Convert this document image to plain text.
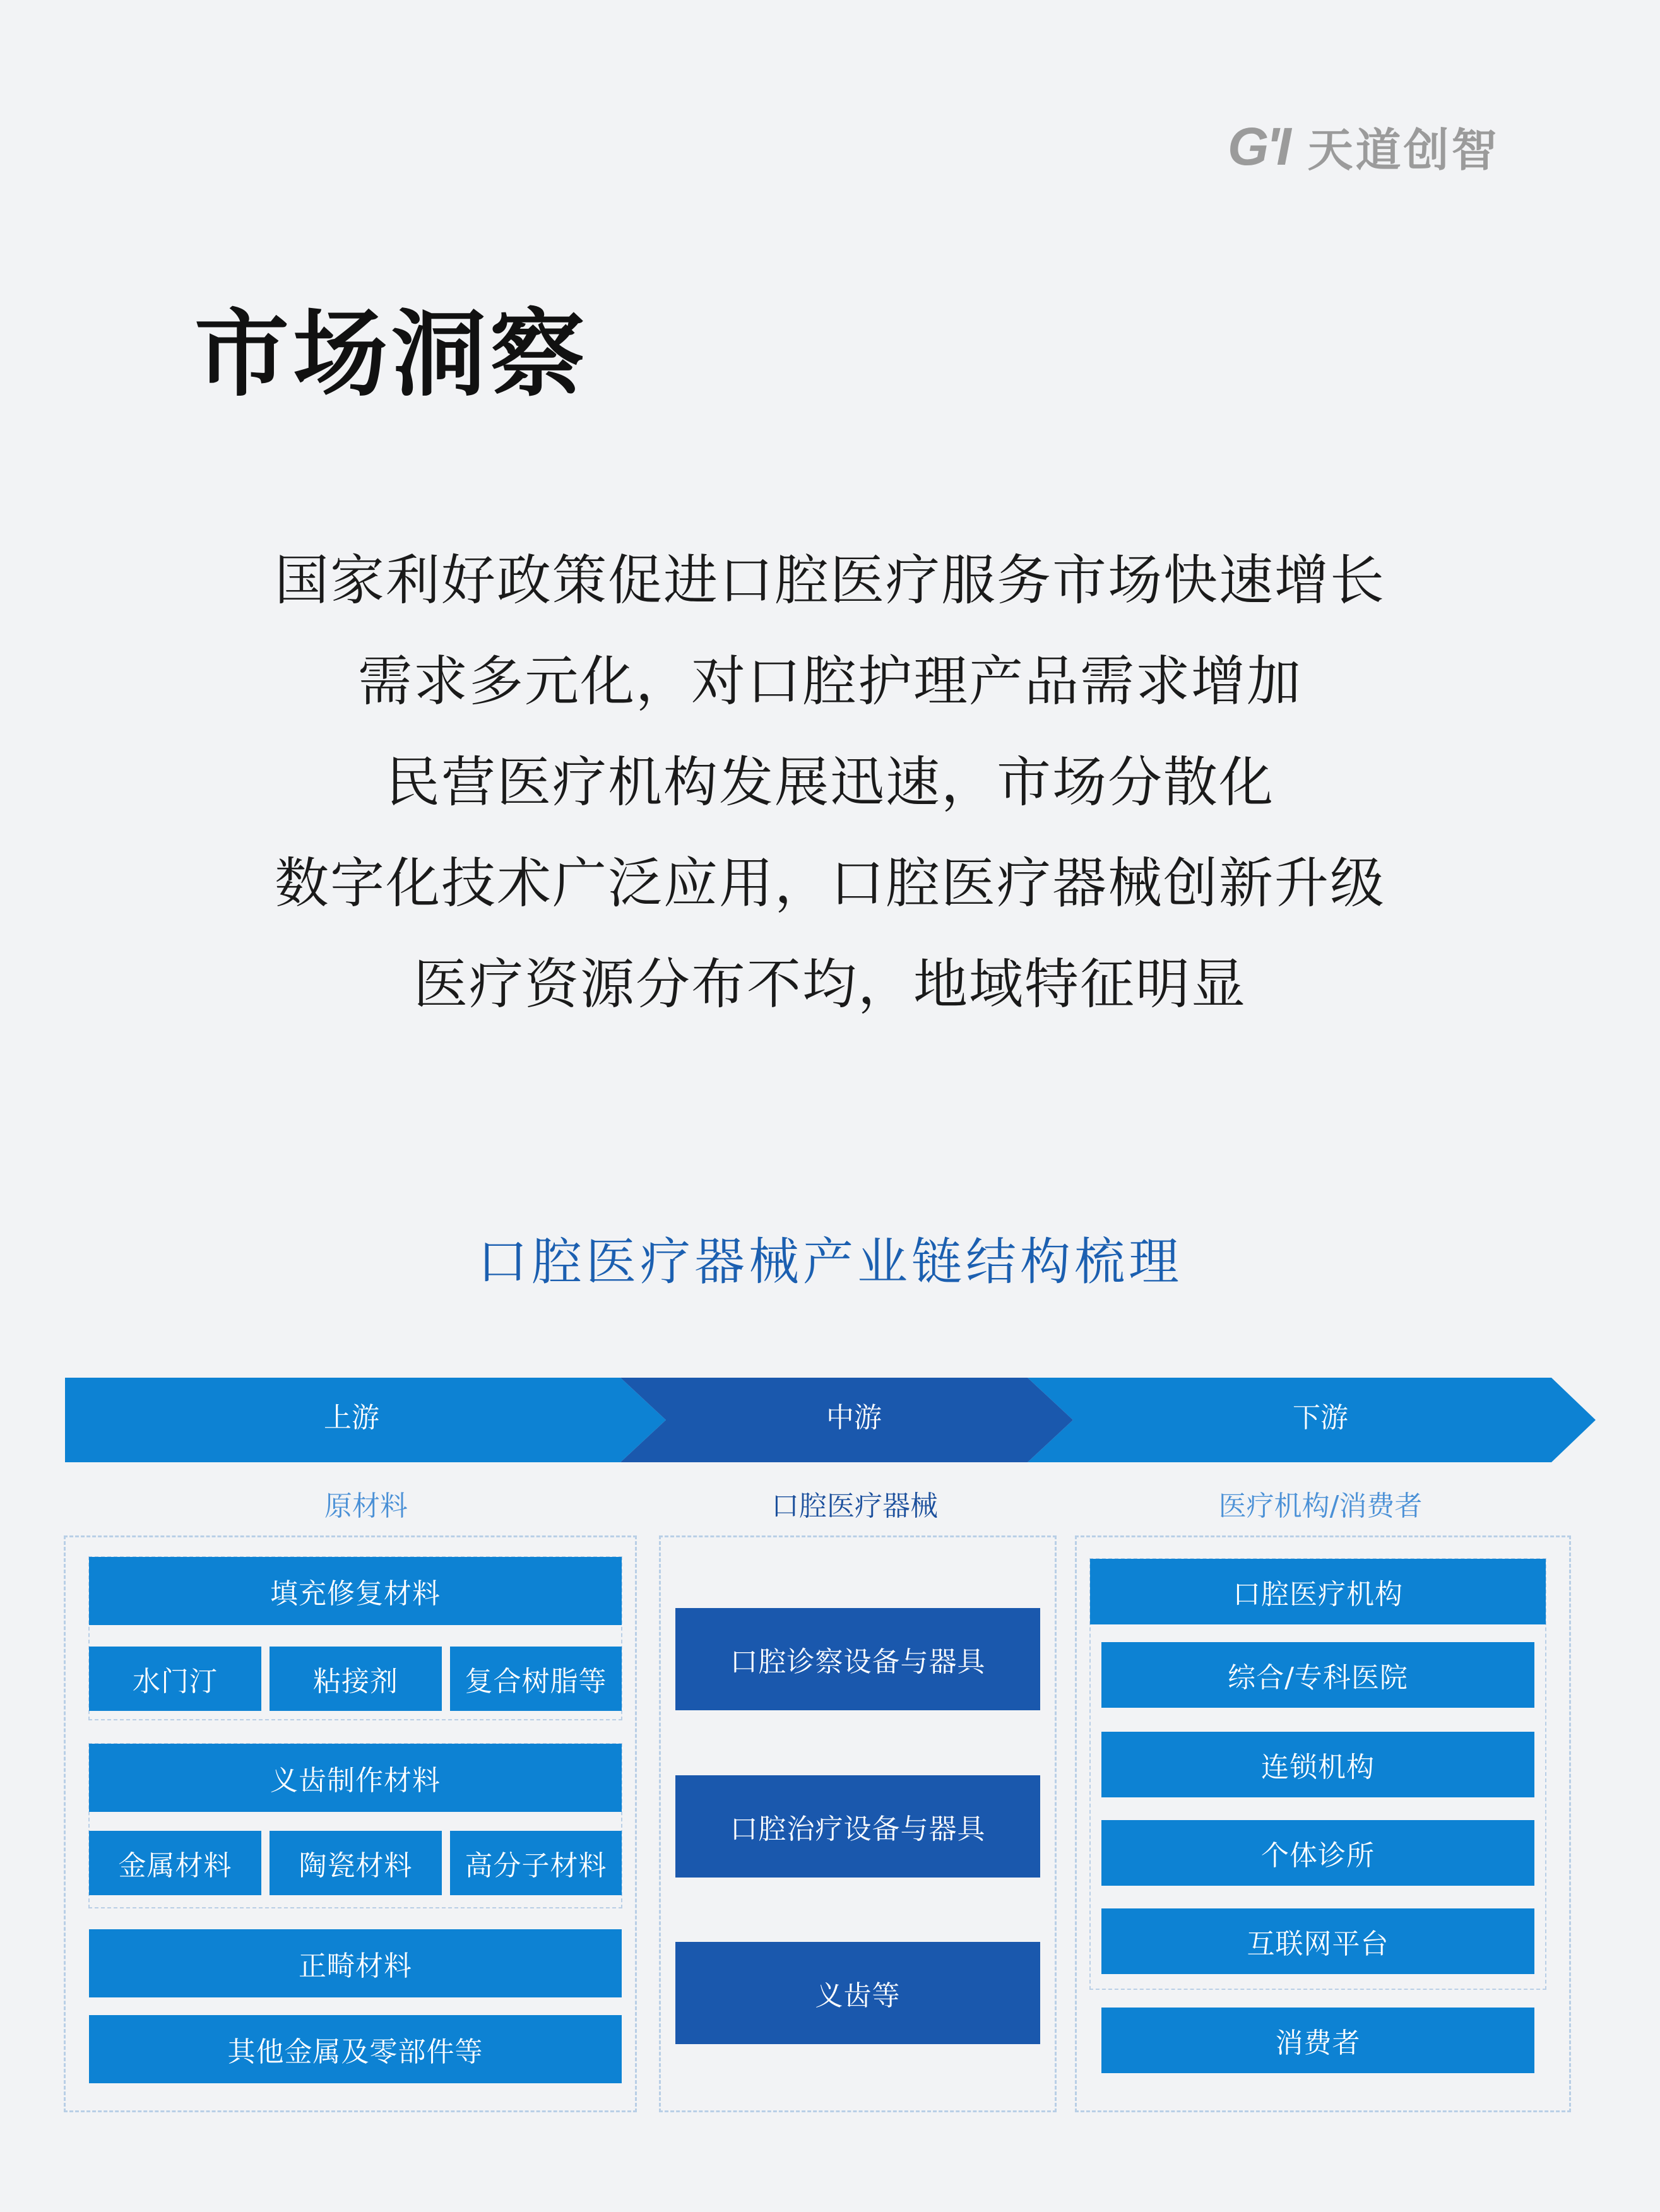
G'I 天道创智
市场洞察
国家利好政策促进口腔医疗服务市场快速增长
需求多元化，对口腔护理产品需求增加
民营医疗机构发展迅速，市场分散化
数字化技术广泛应用，口腔医疗器械创新升级
医疗资源分布不均，地域特征明显
口腔医疗器械产业链结构梳理
上游	中游	下游
原材料	口腔医疗器械	医疗机构/消费者
填充修复材料
水门汀	粘接剂	复合树脂等
义齿制作材料
金属材料	陶瓷材料	高分子材料
正畸材料
其他金属及零部件等
口腔诊察设备与器具
口腔治疗设备与器具
义齿等
口腔医疗机构
综合/专科医院
连锁机构
个体诊所
互联网平台
消费者
